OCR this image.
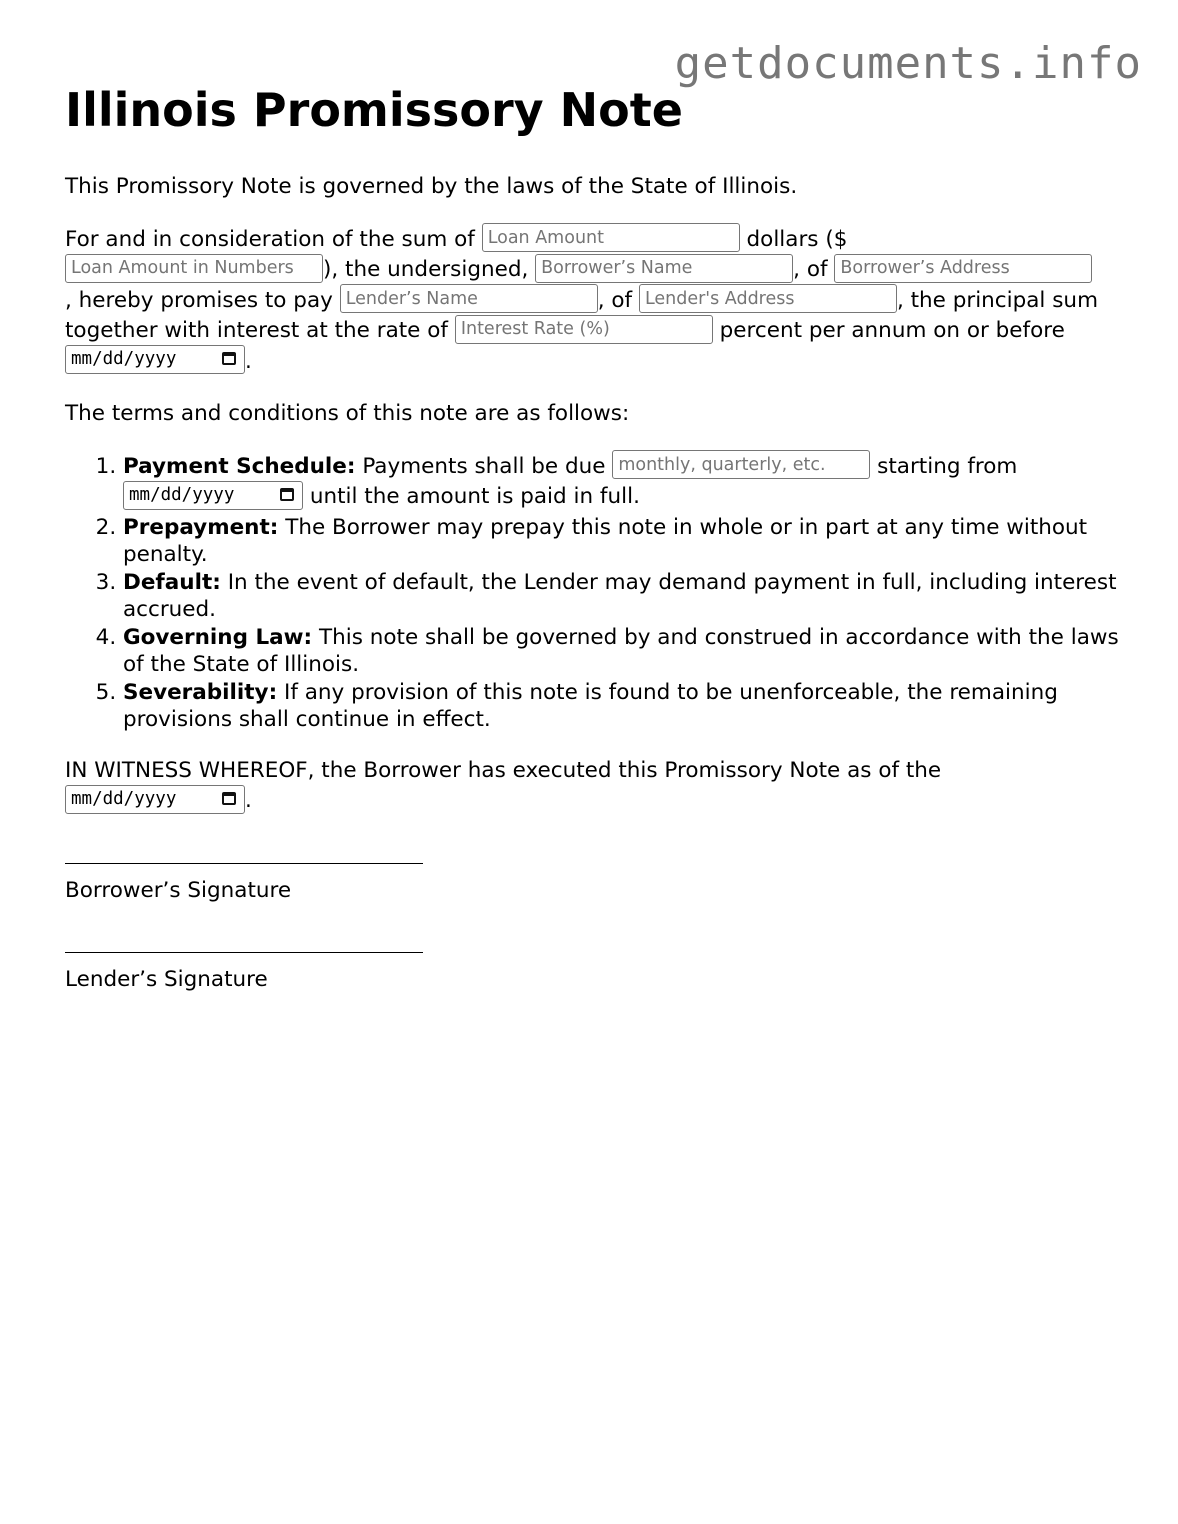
getdocuments.info
Illinois Promissory Note

This Promissory Note is governed by the laws of the State of Illinois.

For and in consideration of the sum of Loan Amount	dollars ($
Loan Amount in Numbers), the undersigned, Borrower’s Name	, of Borrower’s Address
, hereby promises to pay Lender’s Name	, of Lender's Address	, the principal sum together with interest at the rate of Interest Rate (%)	percent per annum on or before mm/dd/yyyy	.

The terms and conditions of this note are as follows:

1. Payment Schedule: Payments shall be due monthly, quarterly, etc.	starting from
mm/dd/yyyy	until the amount is paid in full.
2. Prepayment: The Borrower may prepay this note in whole or in part at any time without penalty.
3. Default: In the event of default, the Lender may demand payment in full, including interest accrued.
4. Governing Law: This note shall be governed by and construed in accordance with the laws of the State of Illinois.
5. Severability: If any provision of this note is found to be unenforceable, the remaining provisions shall continue in effect.

IN WITNESS WHEREOF, the Borrower has executed this Promissory Note as of the
mm/dd/yyyy	.

Borrower’s Signature
Lender’s Signature
